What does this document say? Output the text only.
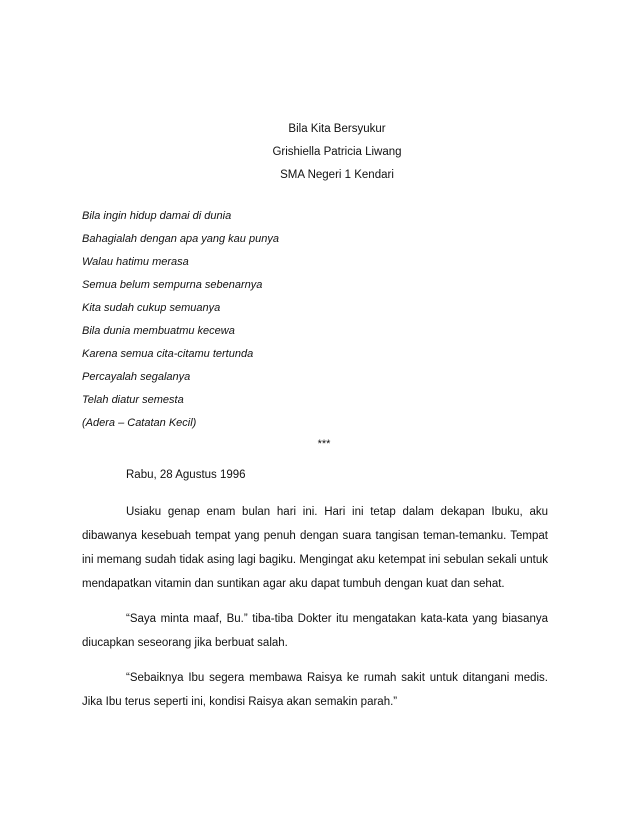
Bila Kita Bersyukur
Grishiella Patricia Liwang
SMA Negeri 1 Kendari
Bila ingin hidup damai di dunia
Bahagialah dengan apa yang kau punya
Walau hatimu merasa
Semua belum sempurna sebenarnya
Kita sudah cukup semuanya
Bila dunia membuatmu kecewa
Karena semua cita-citamu tertunda
Percayalah segalanya
Telah diatur semesta
(Adera – Catatan Kecil)
***
Rabu, 28 Agustus 1996

Usiaku genap enam bulan hari ini. Hari ini tetap dalam dekapan Ibuku, aku dibawanya kesebuah tempat yang penuh dengan suara tangisan teman-temanku. Tempat ini memang sudah tidak asing lagi bagiku. Mengingat aku ketempat ini sebulan sekali untuk mendapatkan vitamin dan suntikan agar aku dapat tumbuh dengan kuat dan sehat.

“Saya minta maaf, Bu.” tiba-tiba Dokter itu mengatakan kata-kata yang biasanya diucapkan seseorang jika berbuat salah.

“Sebaiknya Ibu segera membawa Raisya ke rumah sakit untuk ditangani medis. Jika Ibu terus seperti ini, kondisi Raisya akan semakin parah.”
